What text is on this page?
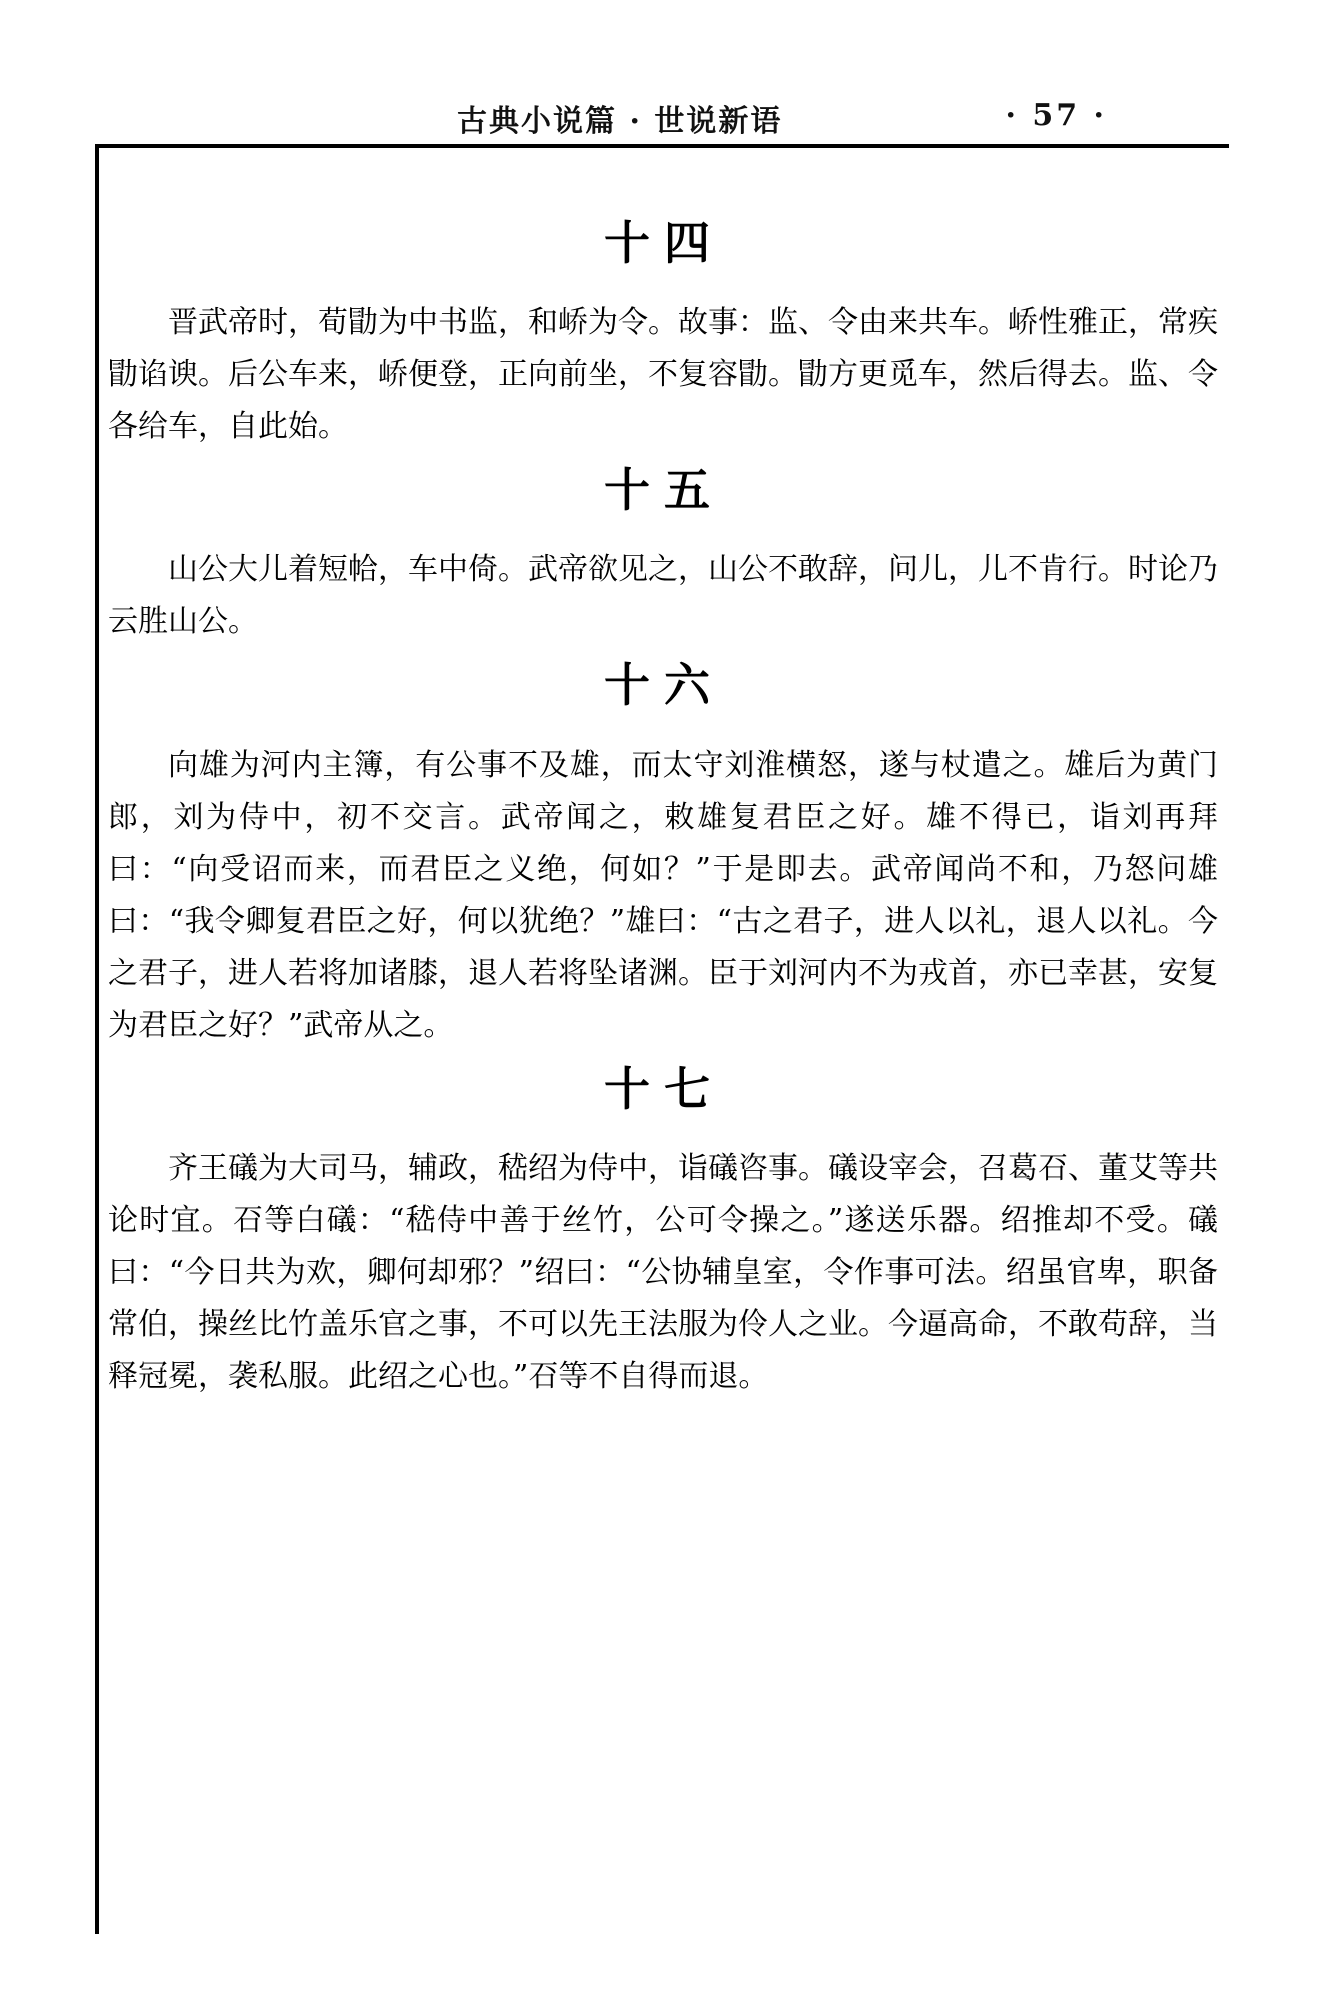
古典小说篇 · 世说新语	· 57 ·
十四

晋武帝时，荀勖为中书监，和峤为令。故事：监、令由来共车。峤性雅正，常疾勖谄谀。后公车来，峤便登，正向前坐，不复容勖。勖方更觅车，然后得去。监、令各给车，自此始。

十五

山公大儿着短帢，车中倚。武帝欲见之，山公不敢辞，问儿，儿不肯行。时论乃云胜山公。

十六

向雄为河内主簿，有公事不及雄，而太守刘淮横怒，遂与杖遣之。雄后为黄门郎，刘为侍中，初不交言。武帝闻之，敕雄复君臣之好。雄不得已，诣刘再拜曰：“向受诏而来，而君臣之义绝，何如？”于是即去。武帝闻尚不和，乃怒问雄曰：“我令卿复君臣之好，何以犹绝？”雄曰：“古之君子，进人以礼，退人以礼。今之君子，进人若将加诸膝，退人若将坠诸渊。臣于刘河内不为戎首，亦已幸甚，安复为君臣之好？”武帝从之。

十七

齐王礒为大司马，辅政，嵇绍为侍中，诣礒咨事。礒设宰会，召葛䂖、董艾等共论时宜。䂖等白礒：“嵇侍中善于丝竹，公可令操之。”遂送乐器。绍推却不受。礒曰：“今日共为欢，卿何却邪？”绍曰：“公协辅皇室，令作事可法。绍虽官卑，职备常伯，操丝比竹盖乐官之事，不可以先王法服为伶人之业。今逼高命，不敢苟辞，当释冠冕，袭私服。此绍之心也。”䂖等不自得而退。
